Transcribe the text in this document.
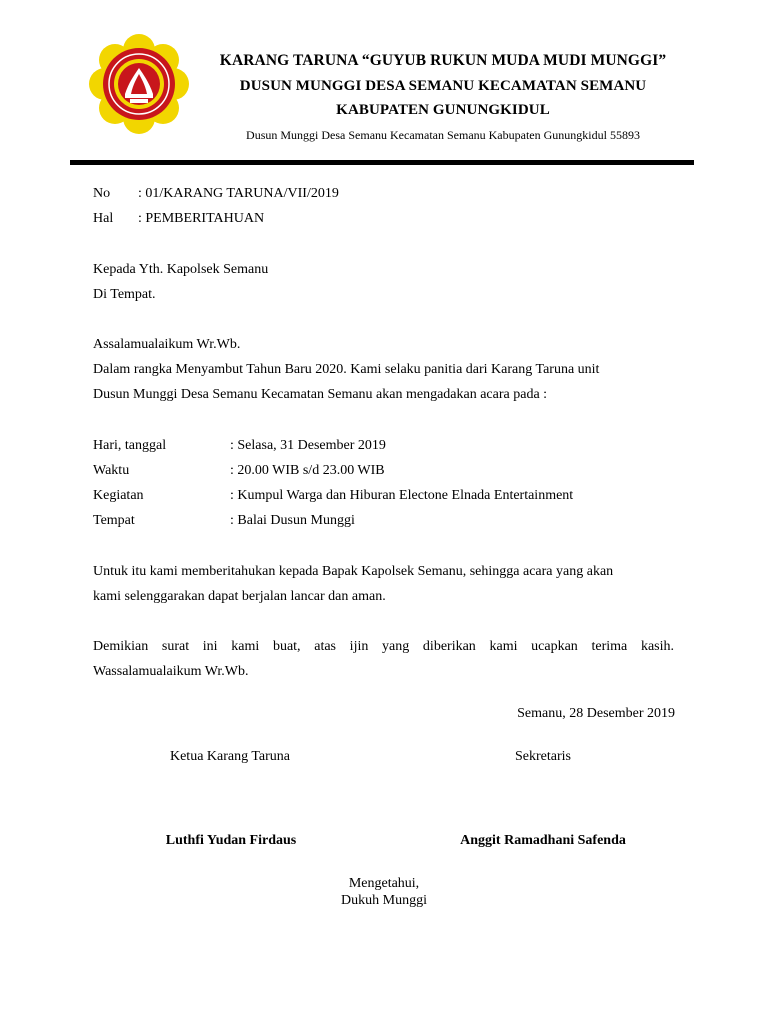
KARANG TARUNA “GUYUB RUKUN MUDA MUDI MUNGGI”
DUSUN MUNGGI DESA SEMANU KECAMATAN SEMANU
KABUPATEN GUNUNGKIDUL
Dusun Munggi Desa Semanu Kecamatan Semanu Kabupaten Gunungkidul 55893
No : 01/KARANG TARUNA/VII/2019
Hal : PEMBERITAHUAN
Kepada Yth. Kapolsek Semanu
Di Tempat.
Assalamualaikum Wr.Wb.
Dalam rangka Menyambut Tahun Baru 2020. Kami selaku panitia dari Karang Taruna unit
Dusun Munggi Desa Semanu Kecamatan Semanu akan mengadakan acara pada :
Hari, tanggal	: Selasa, 31 Desember 2019
Waktu	: 20.00 WIB s/d 23.00 WIB
Kegiatan	: Kumpul Warga dan Hiburan Electone Elnada Entertainment
Tempat	: Balai Dusun Munggi
Untuk itu kami memberitahukan kepada Bapak Kapolsek Semanu, sehingga acara yang akan
kami selenggarakan dapat berjalan lancar dan aman.
Demikian surat ini kami buat, atas ijin yang diberikan kami ucapkan terima kasih.
Wassalamualaikum Wr.Wb.
Semanu, 28 Desember 2019
Ketua Karang Taruna	Sekretaris
Luthfi Yudan Firdaus	Anggit Ramadhani Safenda
Mengetahui,
Dukuh Munggi
